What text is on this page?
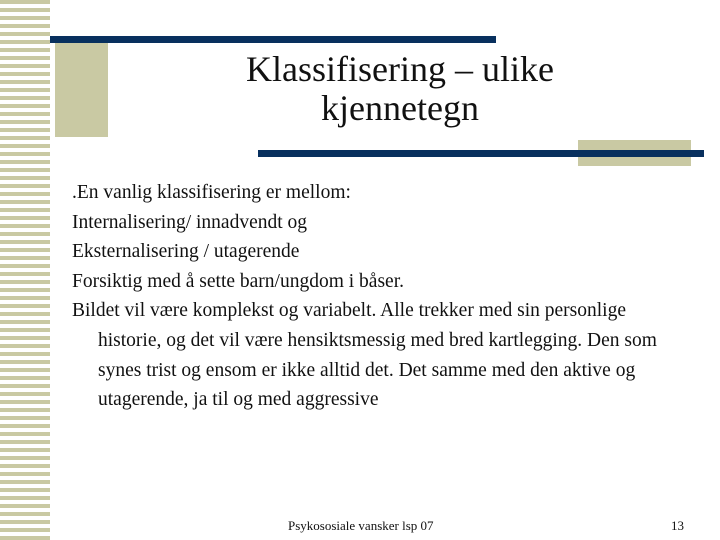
Klassifisering – ulike
kjennetegn

.En vanlig klassifisering er mellom:

Internalisering/ innadvendt og

Eksternalisering / utagerende

Forsiktig med å sette barn/ungdom i båser.

Bildet vil være komplekst og variabelt. Alle trekker med sin personlige historie, og det vil være hensiktsmessig med bred kartlegging. Den som synes trist og ensom er ikke alltid det. Det samme med den aktive og utagerende, ja til og med aggressive

Psykososiale vansker lsp 07	13
